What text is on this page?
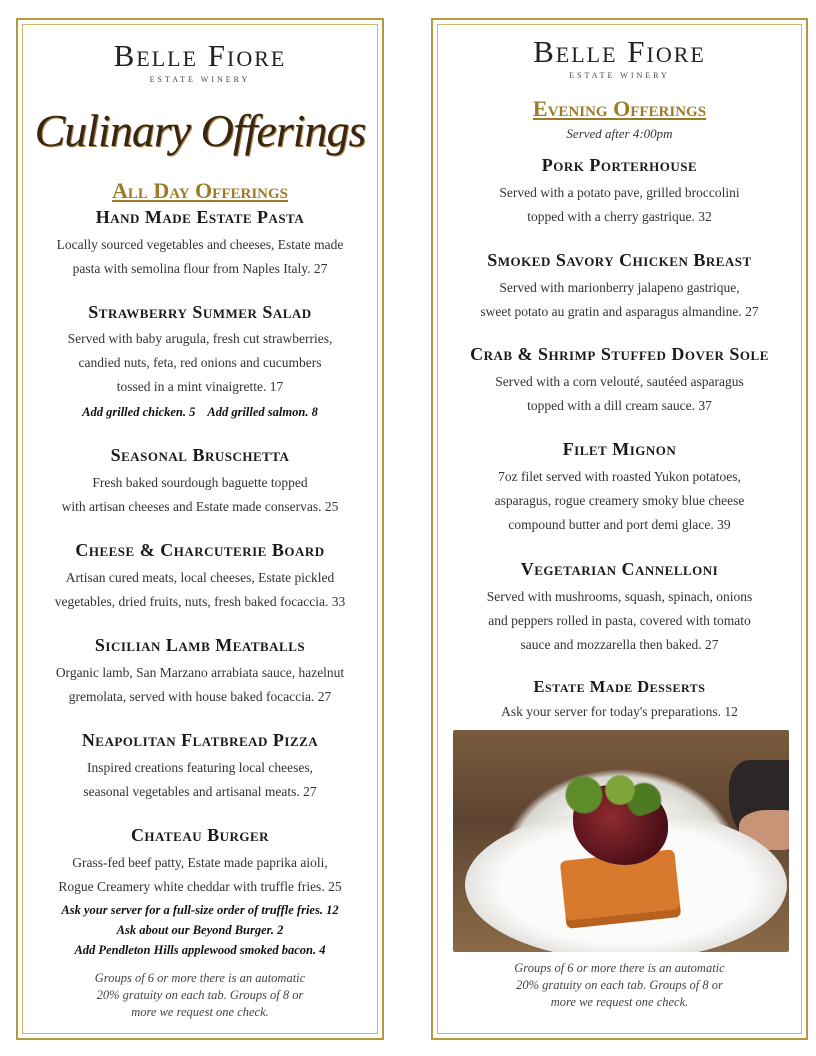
Belle Fiore
ESTATE WINERY
Culinary Offerings
All Day Offerings
Hand Made Estate Pasta
Locally sourced vegetables and cheeses, Estate made
pasta with semolina flour from Naples Italy. 27
Strawberry Summer Salad
Served with baby arugula, fresh cut strawberries,
candied nuts, feta, red onions and cucumbers
tossed in a mint vinaigrette. 17
Add grilled chicken. 5    Add grilled salmon. 8
Seasonal Bruschetta
Fresh baked sourdough baguette topped
with artisan cheeses and Estate made conservas. 25
Cheese & Charcuterie Board
Artisan cured meats, local cheeses, Estate pickled
vegetables, dried fruits, nuts, fresh baked focaccia. 33
Sicilian Lamb Meatballs
Organic lamb, San Marzano arrabiata sauce, hazelnut
gremolata, served with house baked focaccia. 27
Neapolitan Flatbread Pizza
Inspired creations featuring local cheeses,
seasonal vegetables and artisanal meats. 27
Chateau Burger
Grass-fed beef patty, Estate made paprika aioli,
Rogue Creamery white cheddar with truffle fries. 25
Ask your server for a full-size order of truffle fries. 12
Ask about our Beyond Burger. 2
Add Pendleton Hills applewood smoked bacon. 4
Groups of 6 or more there is an automatic
20% gratuity on each tab. Groups of 8 or
more we request one check.
Belle Fiore
ESTATE WINERY
Evening Offerings
Served after 4:00pm
Pork Porterhouse
Served with a potato pave, grilled broccolini
topped with a cherry gastrique. 32
Smoked Savory Chicken Breast
Served with marionberry jalapeno gastrique,
sweet potato au gratin and asparagus almandine. 27
Crab & Shrimp Stuffed Dover Sole
Served with a corn velouté, sautéed asparagus
topped with a dill cream sauce. 37
Filet Mignon
7oz filet served with roasted Yukon potatoes,
asparagus, rogue creamery smoky blue cheese
compound butter and port demi glace. 39
Vegetarian Cannelloni
Served with mushrooms, squash, spinach, onions
and peppers rolled in pasta, covered with tomato
sauce and mozzarella then baked. 27
Estate Made Desserts
Ask your server for today's preparations. 12
Groups of 6 or more there is an automatic
20% gratuity on each tab. Groups of 8 or
more we request one check.
